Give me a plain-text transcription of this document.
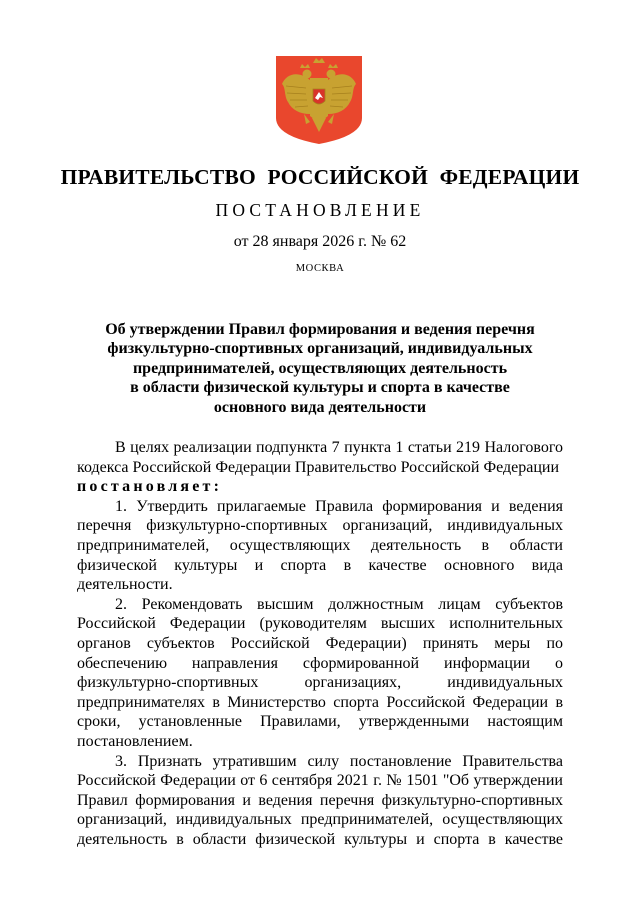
ПРАВИТЕЛЬСТВО РОССИЙСКОЙ ФЕДЕРАЦИИ
ПОСТАНОВЛЕНИЕ
от 28 января 2026 г. № 62
МОСКВА
Об утверждении Правил формирования и ведения перечня
физкультурно-спортивных организаций, индивидуальных
предпринимателей, осуществляющих деятельность
в области физической культуры и спорта в качестве
основного вида деятельности

В целях реализации подпункта 7 пункта 1 статьи 219 Налогового кодекса Российской Федерации Правительство Российской Федерации
постановляет:

1. Утвердить прилагаемые Правила формирования и ведения перечня физкультурно-спортивных организаций, индивидуальных предпринимателей, осуществляющих деятельность в области физической культуры и спорта в качестве основного вида деятельности.

2. Рекомендовать высшим должностным лицам субъектов Российской Федерации (руководителям высших исполнительных органов субъектов Российской Федерации) принять меры по обеспечению направления сформированной информации о физкультурно-спортивных организациях, индивидуальных предпринимателях в Министерство спорта Российской Федерации в сроки, установленные Правилами, утвержденными настоящим постановлением.

3. Признать утратившим силу постановление Правительства Российской Федерации от 6 сентября 2021 г. № 1501 "Об утверждении Правил формирования и ведения перечня физкультурно-спортивных организаций, индивидуальных предпринимателей, осуществляющих деятельность в области физической культуры и спорта в качестве
